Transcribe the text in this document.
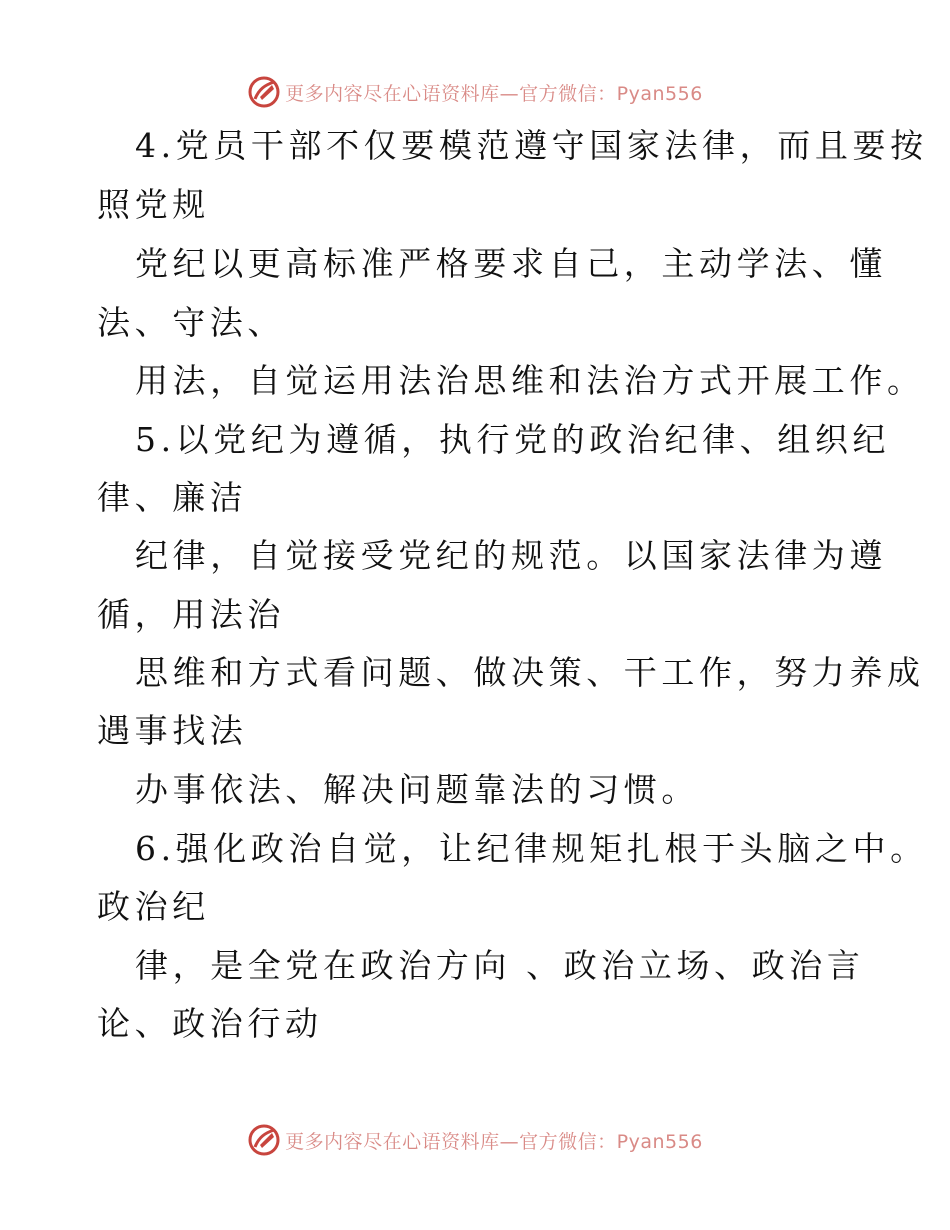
更多内容尽在心语资料库—官方微信：Pyan556
4.党员干部不仅要模范遵守国家法律，而且要按
照党规
党纪以更高标准严格要求自己，主动学法、懂
法、守法、
用法，自觉运用法治思维和法治方式开展工作。
5.以党纪为遵循，执行党的政治纪律、组织纪
律、廉洁
纪律，自觉接受党纪的规范。以国家法律为遵
循，用法治
思维和方式看问题、做决策、干工作，努力养成
遇事找法
办事依法、解决问题靠法的习惯。
6.强化政治自觉，让纪律规矩扎根于头脑之中。
政治纪
律，是全党在政治方向 、政治立场、政治言
论、政治行动
更多内容尽在心语资料库—官方微信：Pyan556
